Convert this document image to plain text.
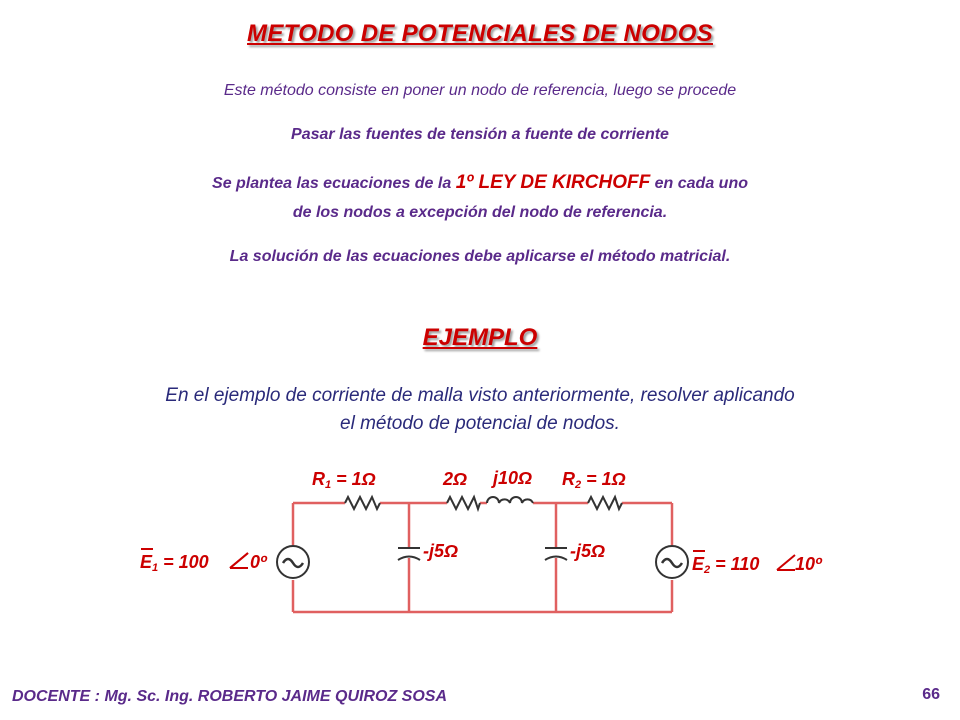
METODO DE POTENCIALES DE NODOS
Este método consiste en poner un nodo de referencia, luego se procede
Pasar las fuentes de tensión a fuente de corriente
Se plantea las ecuaciones de la 1º LEY DE KIRCHOFF en cada uno
de los nodos a excepción del nodo de referencia.
La solución de las ecuaciones debe aplicarse el método matricial.
EJEMPLO
En el ejemplo de corriente de malla visto anteriormente, resolver aplicando
el método de potencial de nodos.
R1 = 1Ω	2Ω j10Ω R2 = 1Ω
-j5Ω	-j5Ω
E1 = 100 0º	E2 = 110 10º
DOCENTE : Mg. Sc. Ing. ROBERTO JAIME QUIROZ SOSA	66
